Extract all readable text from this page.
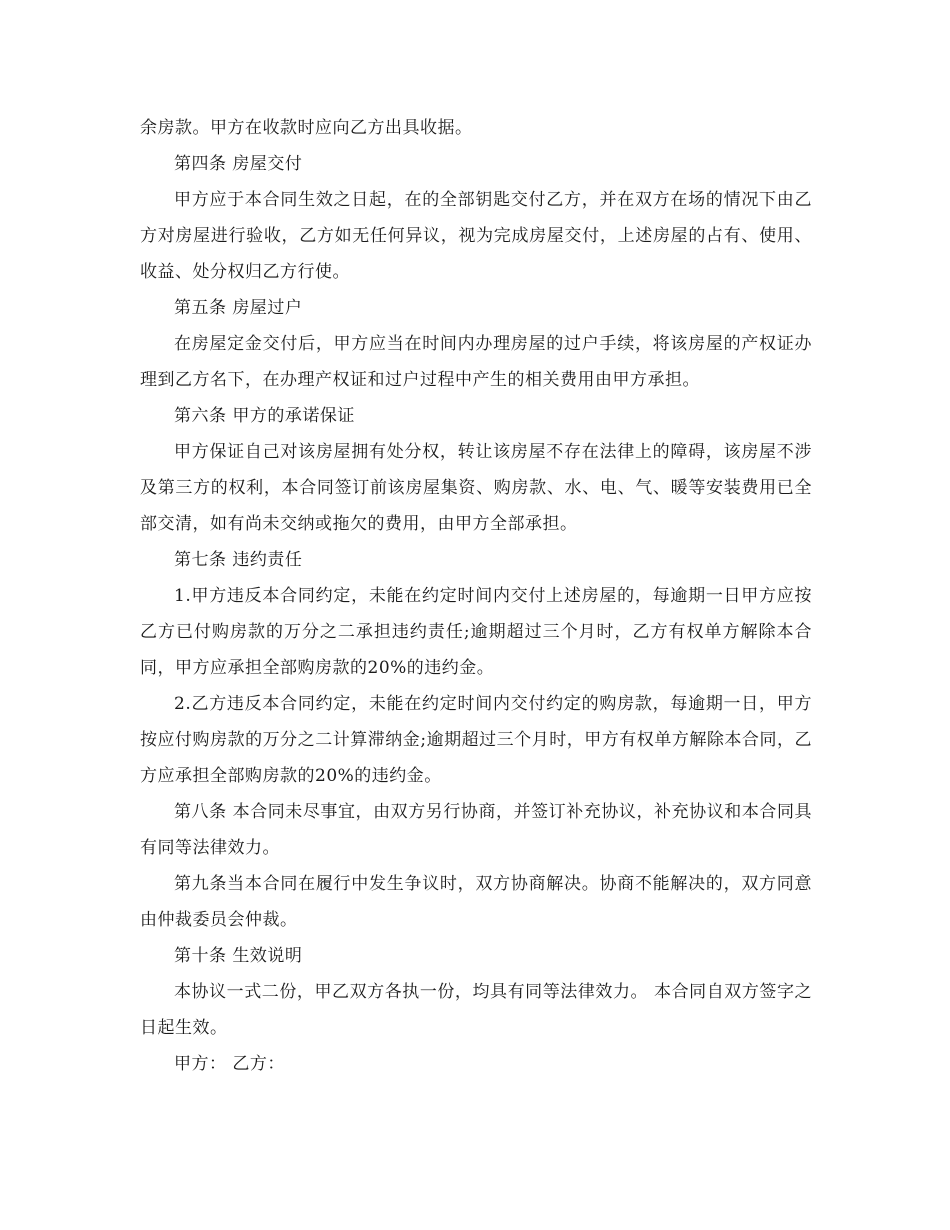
余房款。甲方在收款时应向乙方出具收据。

第四条 房屋交付

甲方应于本合同生效之日起，在的全部钥匙交付乙方，并在双方在场的情况下由乙方对房屋进行验收，乙方如无任何异议，视为完成房屋交付，上述房屋的占有、使用、收益、处分权归乙方行使。

第五条 房屋过户

在房屋定金交付后，甲方应当在时间内办理房屋的过户手续，将该房屋的产权证办理到乙方名下，在办理产权证和过户过程中产生的相关费用由甲方承担。

第六条 甲方的承诺保证

甲方保证自己对该房屋拥有处分权，转让该房屋不存在法律上的障碍，该房屋不涉及第三方的权利，本合同签订前该房屋集资、购房款、水、电、气、暖等安装费用已全部交清，如有尚未交纳或拖欠的费用，由甲方全部承担。

第七条 违约责任

1.甲方违反本合同约定，未能在约定时间内交付上述房屋的，每逾期一日甲方应按乙方已付购房款的万分之二承担违约责任;逾期超过三个月时，乙方有权单方解除本合同，甲方应承担全部购房款的20%的违约金。

2.乙方违反本合同约定，未能在约定时间内交付约定的购房款，每逾期一日，甲方按应付购房款的万分之二计算滞纳金;逾期超过三个月时，甲方有权单方解除本合同，乙方应承担全部购房款的20%的违约金。

第八条 本合同未尽事宜，由双方另行协商，并签订补充协议，补充协议和本合同具有同等法律效力。

第九条当本合同在履行中发生争议时，双方协商解决。协商不能解决的，双方同意由仲裁委员会仲裁。

第十条 生效说明

本协议一式二份，甲乙双方各执一份，均具有同等法律效力。 本合同自双方签字之日起生效。

甲方： 乙方：
